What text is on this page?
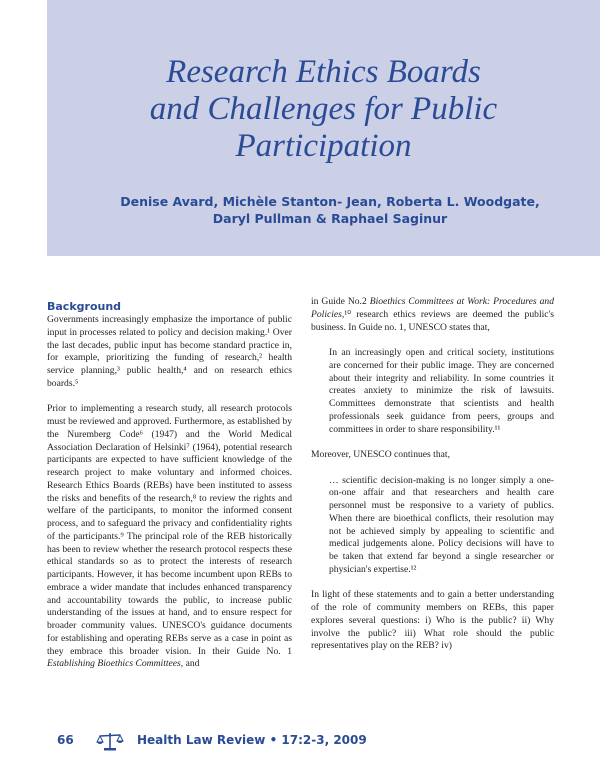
Research Ethics Boards
and Challenges for Public
Participation
Denise Avard, Michèle Stanton- Jean, Roberta L. Woodgate,
Daryl Pullman & Raphael Saginur
Background

Governments increasingly emphasize the importance of public input in processes related to policy and decision making.¹ Over the last decades, public input has become standard practice in, for example, prioritizing the funding of research,² health service planning,³ public health,⁴ and on research ethics boards.⁵

Prior to implementing a research study, all research protocols must be reviewed and approved. Furthermore, as established by the Nuremberg Code⁶ (1947) and the World Medical Association Declaration of Helsinki⁷ (1964), potential research participants are expected to have sufficient knowledge of the research project to make voluntary and informed choices. Research Ethics Boards (REBs) have been instituted to assess the risks and benefits of the research,⁸ to review the rights and welfare of the participants, to monitor the informed consent process, and to safeguard the privacy and confidentiality rights of the participants.⁹ The principal role of the REB historically has been to review whether the research protocol respects these ethical standards so as to protect the interests of research participants. However, it has become incumbent upon REBs to embrace a wider mandate that includes enhanced transparency and accountability towards the public, to increase public understanding of the issues at hand, and to ensure respect for broader community values. UNESCO's guidance documents for establishing and operating REBs serve as a case in point as they embrace this broader vision. In their Guide No. 1 Establishing Bioethics Committees, and

in Guide No.2 Bioethics Committees at Work: Procedures and Policies,¹⁰ research ethics reviews are deemed the public's business. In Guide no. 1, UNESCO states that,

In an increasingly open and critical society, institutions are concerned for their public image. They are concerned about their integrity and reliability. In some countries it creates anxiety to minimize the risk of lawsuits. Committees demonstrate that scientists and health professionals seek guidance from peers, groups and committees in order to share responsibility.¹¹

Moreover, UNESCO continues that,

… scientific decision-making is no longer simply a one-on-one affair and that researchers and health care personnel must be responsive to a variety of publics. When there are bioethical conflicts, their resolution may not be achieved simply by appealing to scientific and medical judgements alone. Policy decisions will have to be taken that extend far beyond a single researcher or physician's expertise.¹²

In light of these statements and to gain a better understanding of the role of community members on REBs, this paper explores several questions: i) Who is the public? ii) Why involve the public? iii) What role should the public representatives play on the REB? iv)

66	Health Law Review • 17:2-3, 2009
